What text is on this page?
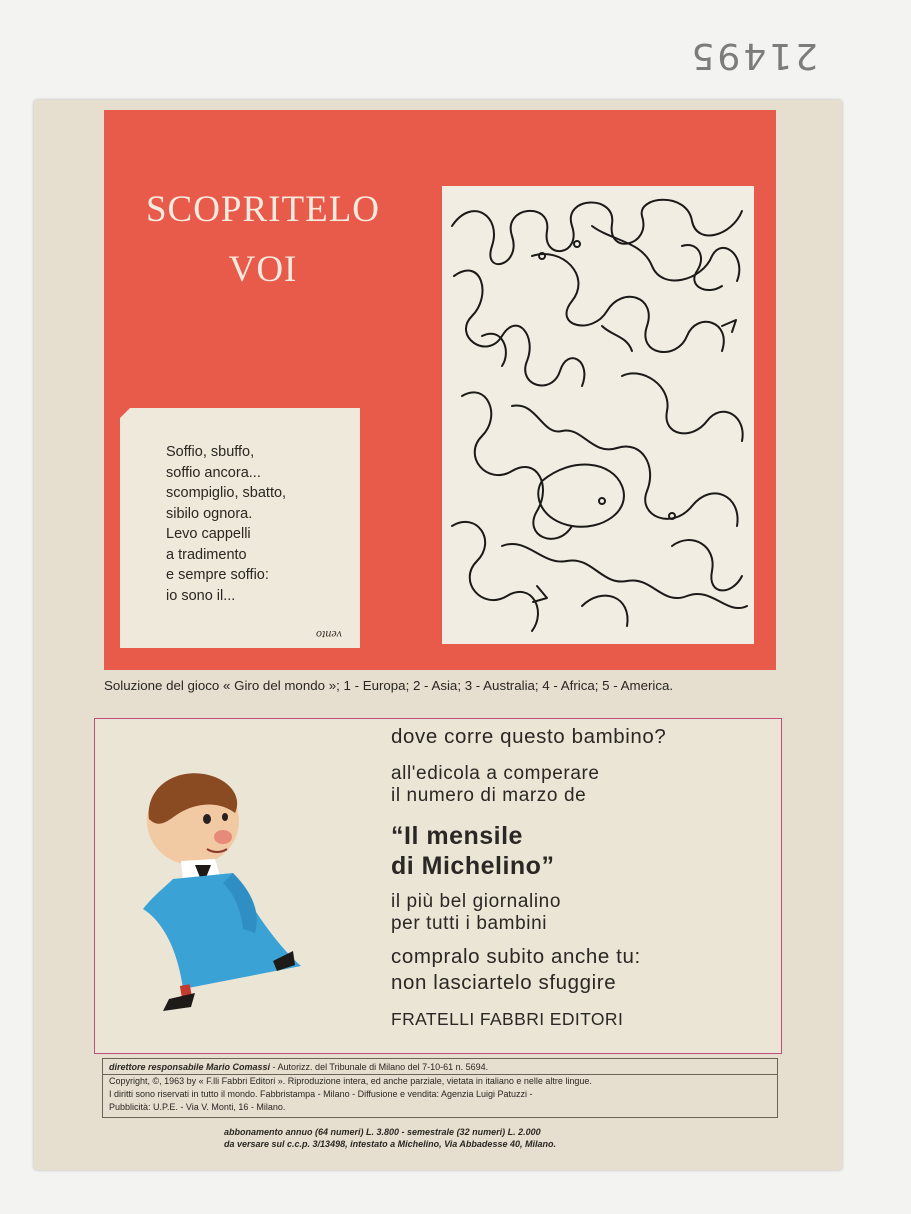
21495
SCOPRITELO
VOI
Soffio, sbuffo,
soffio ancora...
scompiglio, sbatto,
sibilo ognora.
Levo cappelli
a tradimento
e sempre soffio:
io sono il...
vento
Soluzione del gioco « Giro del mondo »; 1 - Europa; 2 - Asia; 3 - Australia; 4 - Africa; 5 - America.
dove corre questo bambino?
all'edicola a comperare
il numero di marzo de
“Il mensile
di Michelino”
il più bel giornalino
per tutti i bambini
compralo subito anche tu:
non lasciartelo sfuggire
FRATELLI FABBRI EDITORI
direttore responsabile Mario Comassi - Autorizz. del Tribunale di Milano del 7-10-61 n. 5694.
Copyright, ©, 1963 by « F.lli Fabbri Editori ». Riproduzione intera, ed anche parziale, vietata in italiano e nelle altre lingue.
I diritti sono riservati in tutto il mondo. Fabbristampa - Milano - Diffusione e vendita: Agenzia Luigi Patuzzi -
Pubblicità: U.P.E. - Via V. Monti, 16 - Milano.
abbonamento annuo (64 numeri) L. 3.800 - semestrale (32 numeri) L. 2.000
da versare sul c.c.p. 3/13498, intestato a Michelino, Via Abbadesse 40, Milano.
